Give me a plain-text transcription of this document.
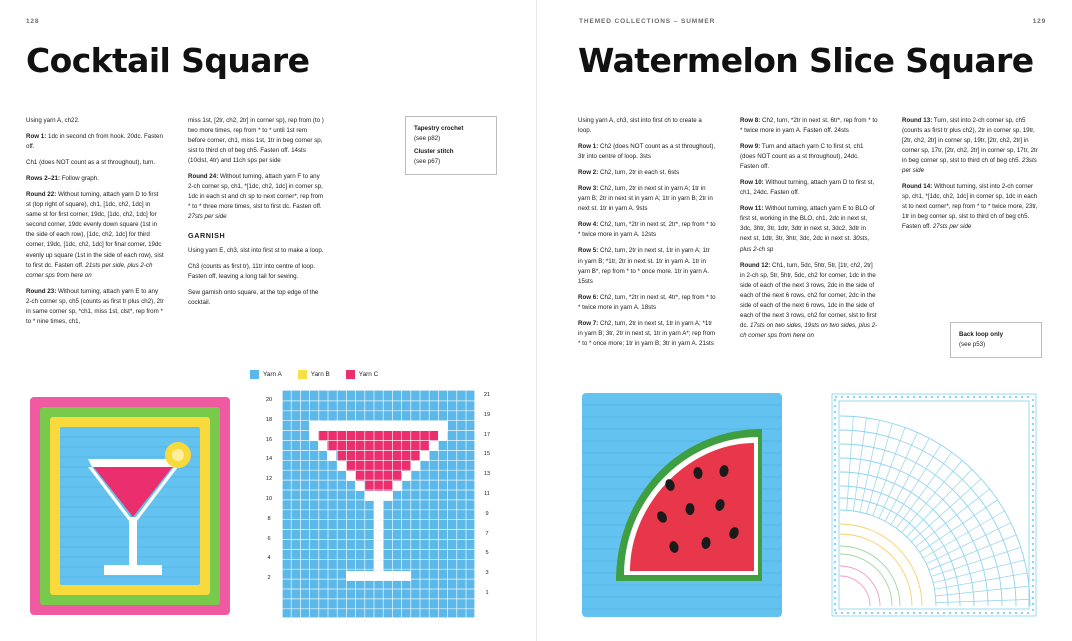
128
Cocktail Square

Using yarn A, ch22.

Row 1: 1dc in second ch from hook. 20dc. Fasten off.

Ch1 (does NOT count as a st throughout), turn.

Rows 2–21: Follow graph.

Round 22: Without turning, attach yarn D to first st (top right of square), ch1, [1dc, ch2, 1dc] in same st for first corner, 19dc, [1dc, ch2, 1dc] for second corner, 19dc evenly down square (1st in the side of each row), [1dc, ch2, 1dc] for third corner, 19dc, [1dc, ch2, 1dc] for final corner, 19dc evenly up square (1st in the side of each row), sist to first dc. Fasten off. 21sts per side, plus 2-ch corner sps from here on

Round 23: Without turning, attach yarn E to any 2-ch corner sp, ch5 (counts as first tr plus ch2), 2tr in same corner sp, *ch1, miss 1st, clst*, rep from * to * nine times, ch1,

miss 1st, [2tr, ch2, 2tr] in corner sp), rep from (to ) two more times, rep from * to * until 1st rem before corner, ch1, miss 1st, 1tr in beg corner sp, sist to third ch of beg ch5. Fasten off. 14sts (10clst, 4tr) and 11ch sps per side

Round 24: Without turning, attach yarn F to any 2-ch corner sp, ch1, *[1dc, ch2, 1dc] in corner sp, 1dc in each st and ch sp to next corner*, rep from * to * three more times, slst to first dc. Fasten off. 27sts per side

GARNISH

Using yarn E, ch3, slst into first st to make a loop.

Ch3 (counts as first tr), 11tr into centre of loop. Fasten off, leaving a long tail for sewing.

Sew garnish onto square, at the top edge of the cocktail.

Tapestry crochet
(see p82)
Cluster stitch
(see p67)
Yarn A	Yarn B	Yarn C
20
18
16
14
12
10
8
6
4
2
21
19
17
15
13
11
9
7
5
3
1
129
THEMED COLLECTIONS – SUMMER
Watermelon Slice Square

Using yarn A, ch3, slst into first ch to create a loop.

Row 1: Ch2 (does NOT count as a st throughout), 3tr into centre of loop. 3sts

Row 2: Ch2, turn, 2tr in each st. 6sts

Row 3: Ch2, turn, 2tr in next st in yarn A; 1tr in yarn B; 2tr in next st in yarn A; 1tr in yarn B; 2tr in next st. 1tr in yarn A. 9sts

Row 4: Ch2, turn, *2tr in next st, 2tr*, rep from * to * twice more in yarn A. 12sts

Row 5: Ch2, turn, 2tr in next st, 1tr in yarn A; 1tr in yarn B; *1tr, 2tr in next st. 1tr in yarn A. 1tr in yarn B*, rep from * to * once more. 1tr in yarn A. 15sts

Row 6: Ch2, turn, *2tr in next st, 4tr*, rep from * to * twice more in yarn A. 18sts

Row 7: Ch2, turn, 2tr in next st, 1tr in yarn A; *1tr in yarn B; 3tr, 2tr in next st, 1tr in yarn A*; rep from * to * once more; 1tr in yarn B; 3tr in yarn A. 21sts

Row 8: Ch2, turn, *2tr in next st. 6tr*, rep from * to * twice more in yarn A. Fasten off. 24sts

Row 9: Turn and attach yarn C to first st, ch1 (does NOT count as a st throughout), 24dc. Fasten off.

Row 10: Without turning, attach yarn D to first st, ch1, 24dc. Fasten off.

Row 11: Without turning, attach yarn E to BLO of first st, working in the BLO, ch1, 2dc in next st, 3dc, 3htr, 3tr, 1dtr, 3dtr in next st, 3dc2, 3dtr in next st, 1dtr, 3tr, 3htr, 3dc, 2dc in next st. 30sts, plus 2-ch sp

Round 12: Ch1, turn, 5dc, 5htr, 5tr, [1tr, ch2, 2tr] in 2-ch sp, 5tr, 5htr, 5dc, ch2 for corner, 1dc in the side of each of the next 3 rows, 2dc in the side of each of the next 6 rows, ch2 for corner, 2dc in the side of each of the next 6 rows, 1dc in the side of each of the next 3 rows, ch2 for corner, slst to first dc. 17sts on two sides, 19sts on two sides, plus 2-ch corner sps from here on

Round 13: Turn, slst into 2-ch corner sp, ch5 (counts as first tr plus ch2), 2tr in corner sp, 19tr, [2tr, ch2, 2tr] in corner sp, 19tr, [2tr, ch2, 2tr] in corner sp, 17tr, [2tr, ch2, 2tr] in corner sp, 17tr, 2tr in beg corner sp, slst to third ch of beg ch5. 23sts per side

Round 14: Without turning, slst into 2-ch corner sp, ch1, *[1dc, ch2, 1dc] in corner sp, 1dc in each st to next corner*, rep from * to * twice more, 23tr, 1tr in beg corner sp, slst to third ch of beg ch5. Fasten off. 27sts per side

Back loop only
(see p53)
